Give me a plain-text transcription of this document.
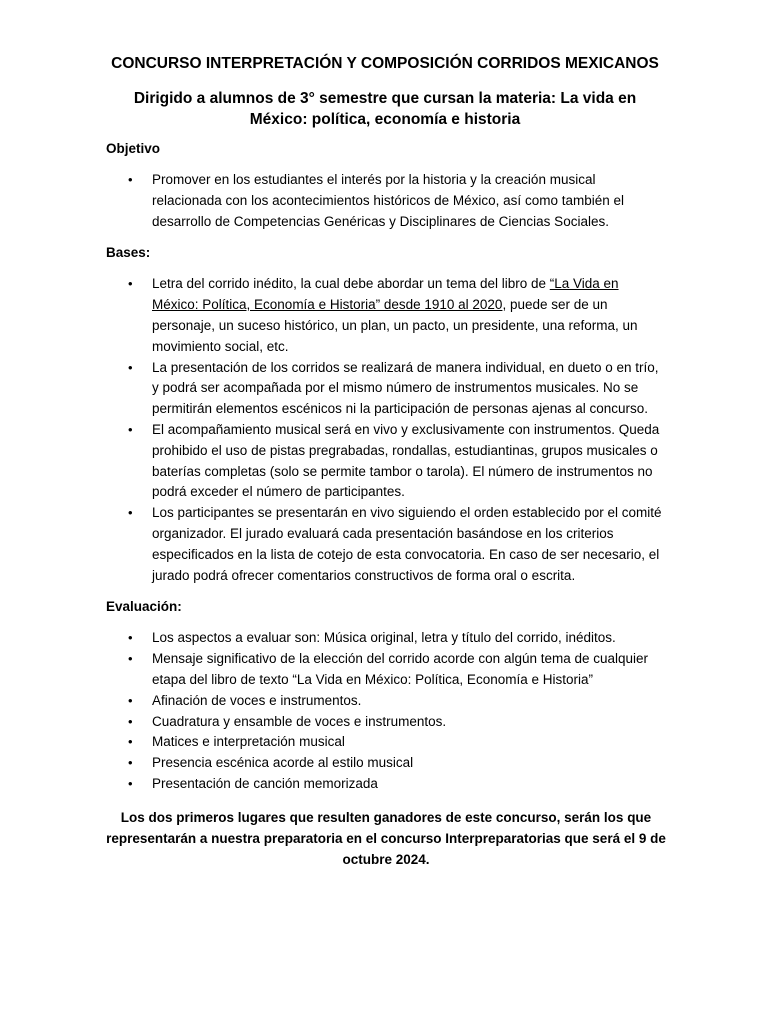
CONCURSO INTERPRETACIÓN Y COMPOSICIÓN CORRIDOS MEXICANOS
Dirigido a alumnos de 3° semestre que cursan la materia: La vida en México: política, economía e historia
Objetivo
• Promover en los estudiantes el interés por la historia y la creación musical relacionada con los acontecimientos históricos de México, así como también el desarrollo de Competencias Genéricas y Disciplinares de Ciencias Sociales.
Bases:
• Letra del corrido inédito, la cual debe abordar un tema del libro de “La Vida en México: Política, Economía e Historia” desde 1910 al 2020, puede ser de un personaje, un suceso histórico, un plan, un pacto, un presidente, una reforma, un movimiento social, etc.
• La presentación de los corridos se realizará de manera individual, en dueto o en trío, y podrá ser acompañada por el mismo número de instrumentos musicales. No se permitirán elementos escénicos ni la participación de personas ajenas al concurso.
• El acompañamiento musical será en vivo y exclusivamente con instrumentos. Queda prohibido el uso de pistas pregrabadas, rondallas, estudiantinas, grupos musicales o baterías completas (solo se permite tambor o tarola). El número de instrumentos no podrá exceder el número de participantes.
• Los participantes se presentarán en vivo siguiendo el orden establecido por el comité organizador. El jurado evaluará cada presentación basándose en los criterios especificados en la lista de cotejo de esta convocatoria. En caso de ser necesario, el jurado podrá ofrecer comentarios constructivos de forma oral o escrita.
Evaluación:
• Los aspectos a evaluar son: Música original, letra y título del corrido, inéditos.
• Mensaje significativo de la elección del corrido acorde con algún tema de cualquier etapa del libro de texto “La Vida en México: Política, Economía e Historia”
• Afinación de voces e instrumentos.
• Cuadratura y ensamble de voces e instrumentos.
• Matices e interpretación musical
• Presencia escénica acorde al estilo musical
• Presentación de canción memorizada

Los dos primeros lugares que resulten ganadores de este concurso, serán los que representarán a nuestra preparatoria en el concurso Interpreparatorias que será el 9 de octubre 2024.
